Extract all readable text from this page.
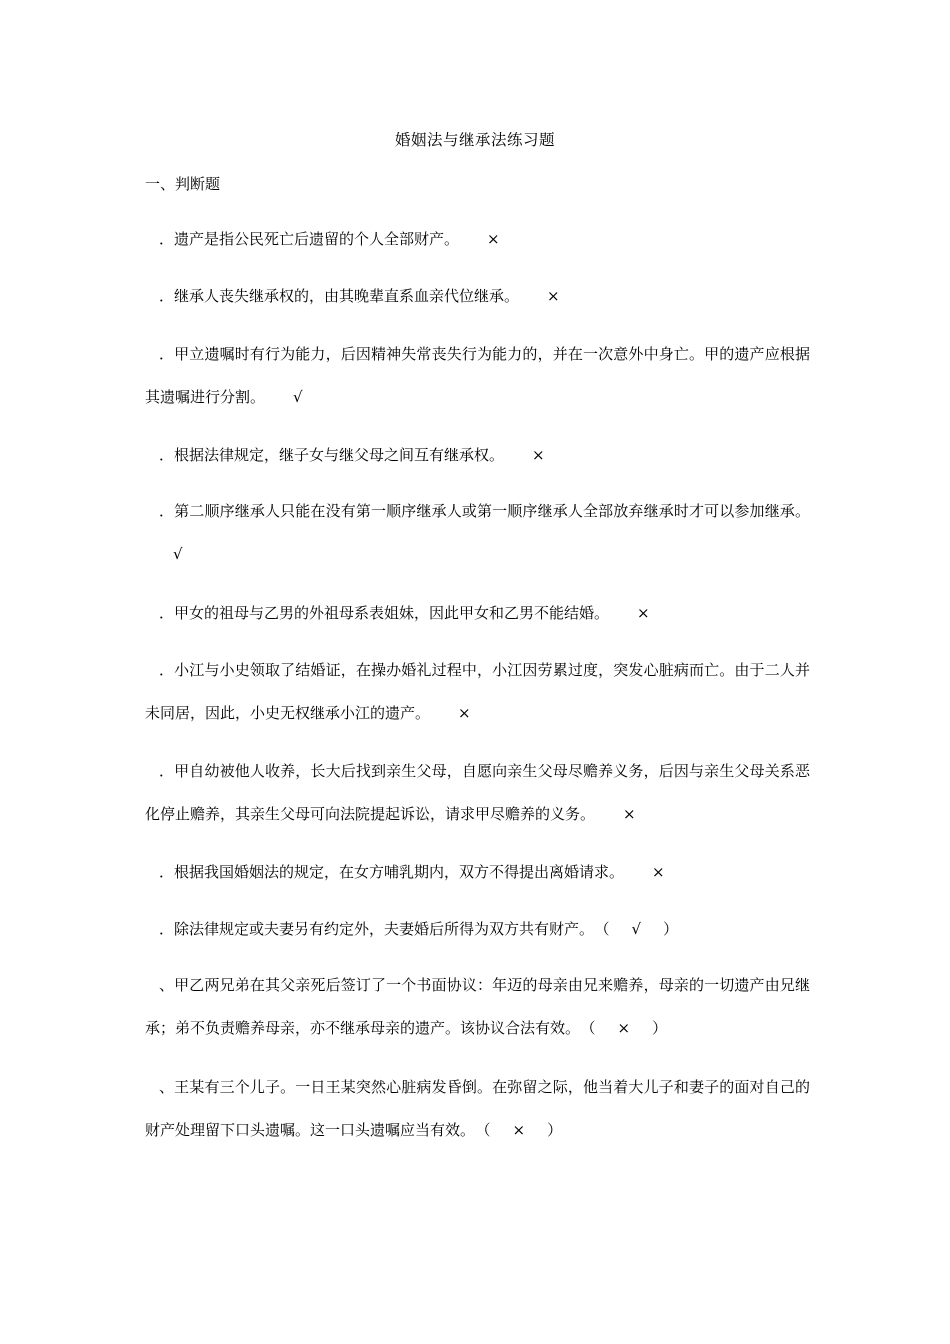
婚姻法与继承法练习题
一、判断题
．遗产是指公民死亡后遗留的个人全部财产。 ×
．继承人丧失继承权的，由其晚辈直系血亲代位继承。 ×
．甲立遗嘱时有行为能力，后因精神失常丧失行为能力的，并在一次意外中身亡。甲的遗产应根据其遗嘱进行分割。 √
．根据法律规定，继子女与继父母之间互有继承权。 ×
．第二顺序继承人只能在没有第一顺序继承人或第一顺序继承人全部放弃继承时才可以参加继承。√
．甲女的祖母与乙男的外祖母系表姐妹，因此甲女和乙男不能结婚。 ×
．小江与小史领取了结婚证，在操办婚礼过程中，小江因劳累过度，突发心脏病而亡。由于二人并未同居，因此，小史无权继承小江的遗产。 ×
．甲自幼被他人收养，长大后找到亲生父母，自愿向亲生父母尽赡养义务，后因与亲生父母关系恶化停止赡养，其亲生父母可向法院提起诉讼，请求甲尽赡养的义务。 ×
．根据我国婚姻法的规定，在女方哺乳期内，双方不得提出离婚请求。 ×
．除法律规定或夫妻另有约定外，夫妻婚后所得为双方共有财产。 （ √ ）
、甲乙两兄弟在其父亲死后签订了一个书面协议：年迈的母亲由兄来赡养，母亲的一切遗产由兄继承；弟不负责赡养母亲，亦不继承母亲的遗产。该协议合法有效。 （ × ）
、王某有三个儿子。一日王某突然心脏病发昏倒。在弥留之际，他当着大儿子和妻子的面对自己的财产处理留下口头遗嘱。这一口头遗嘱应当有效。 （ × ）
